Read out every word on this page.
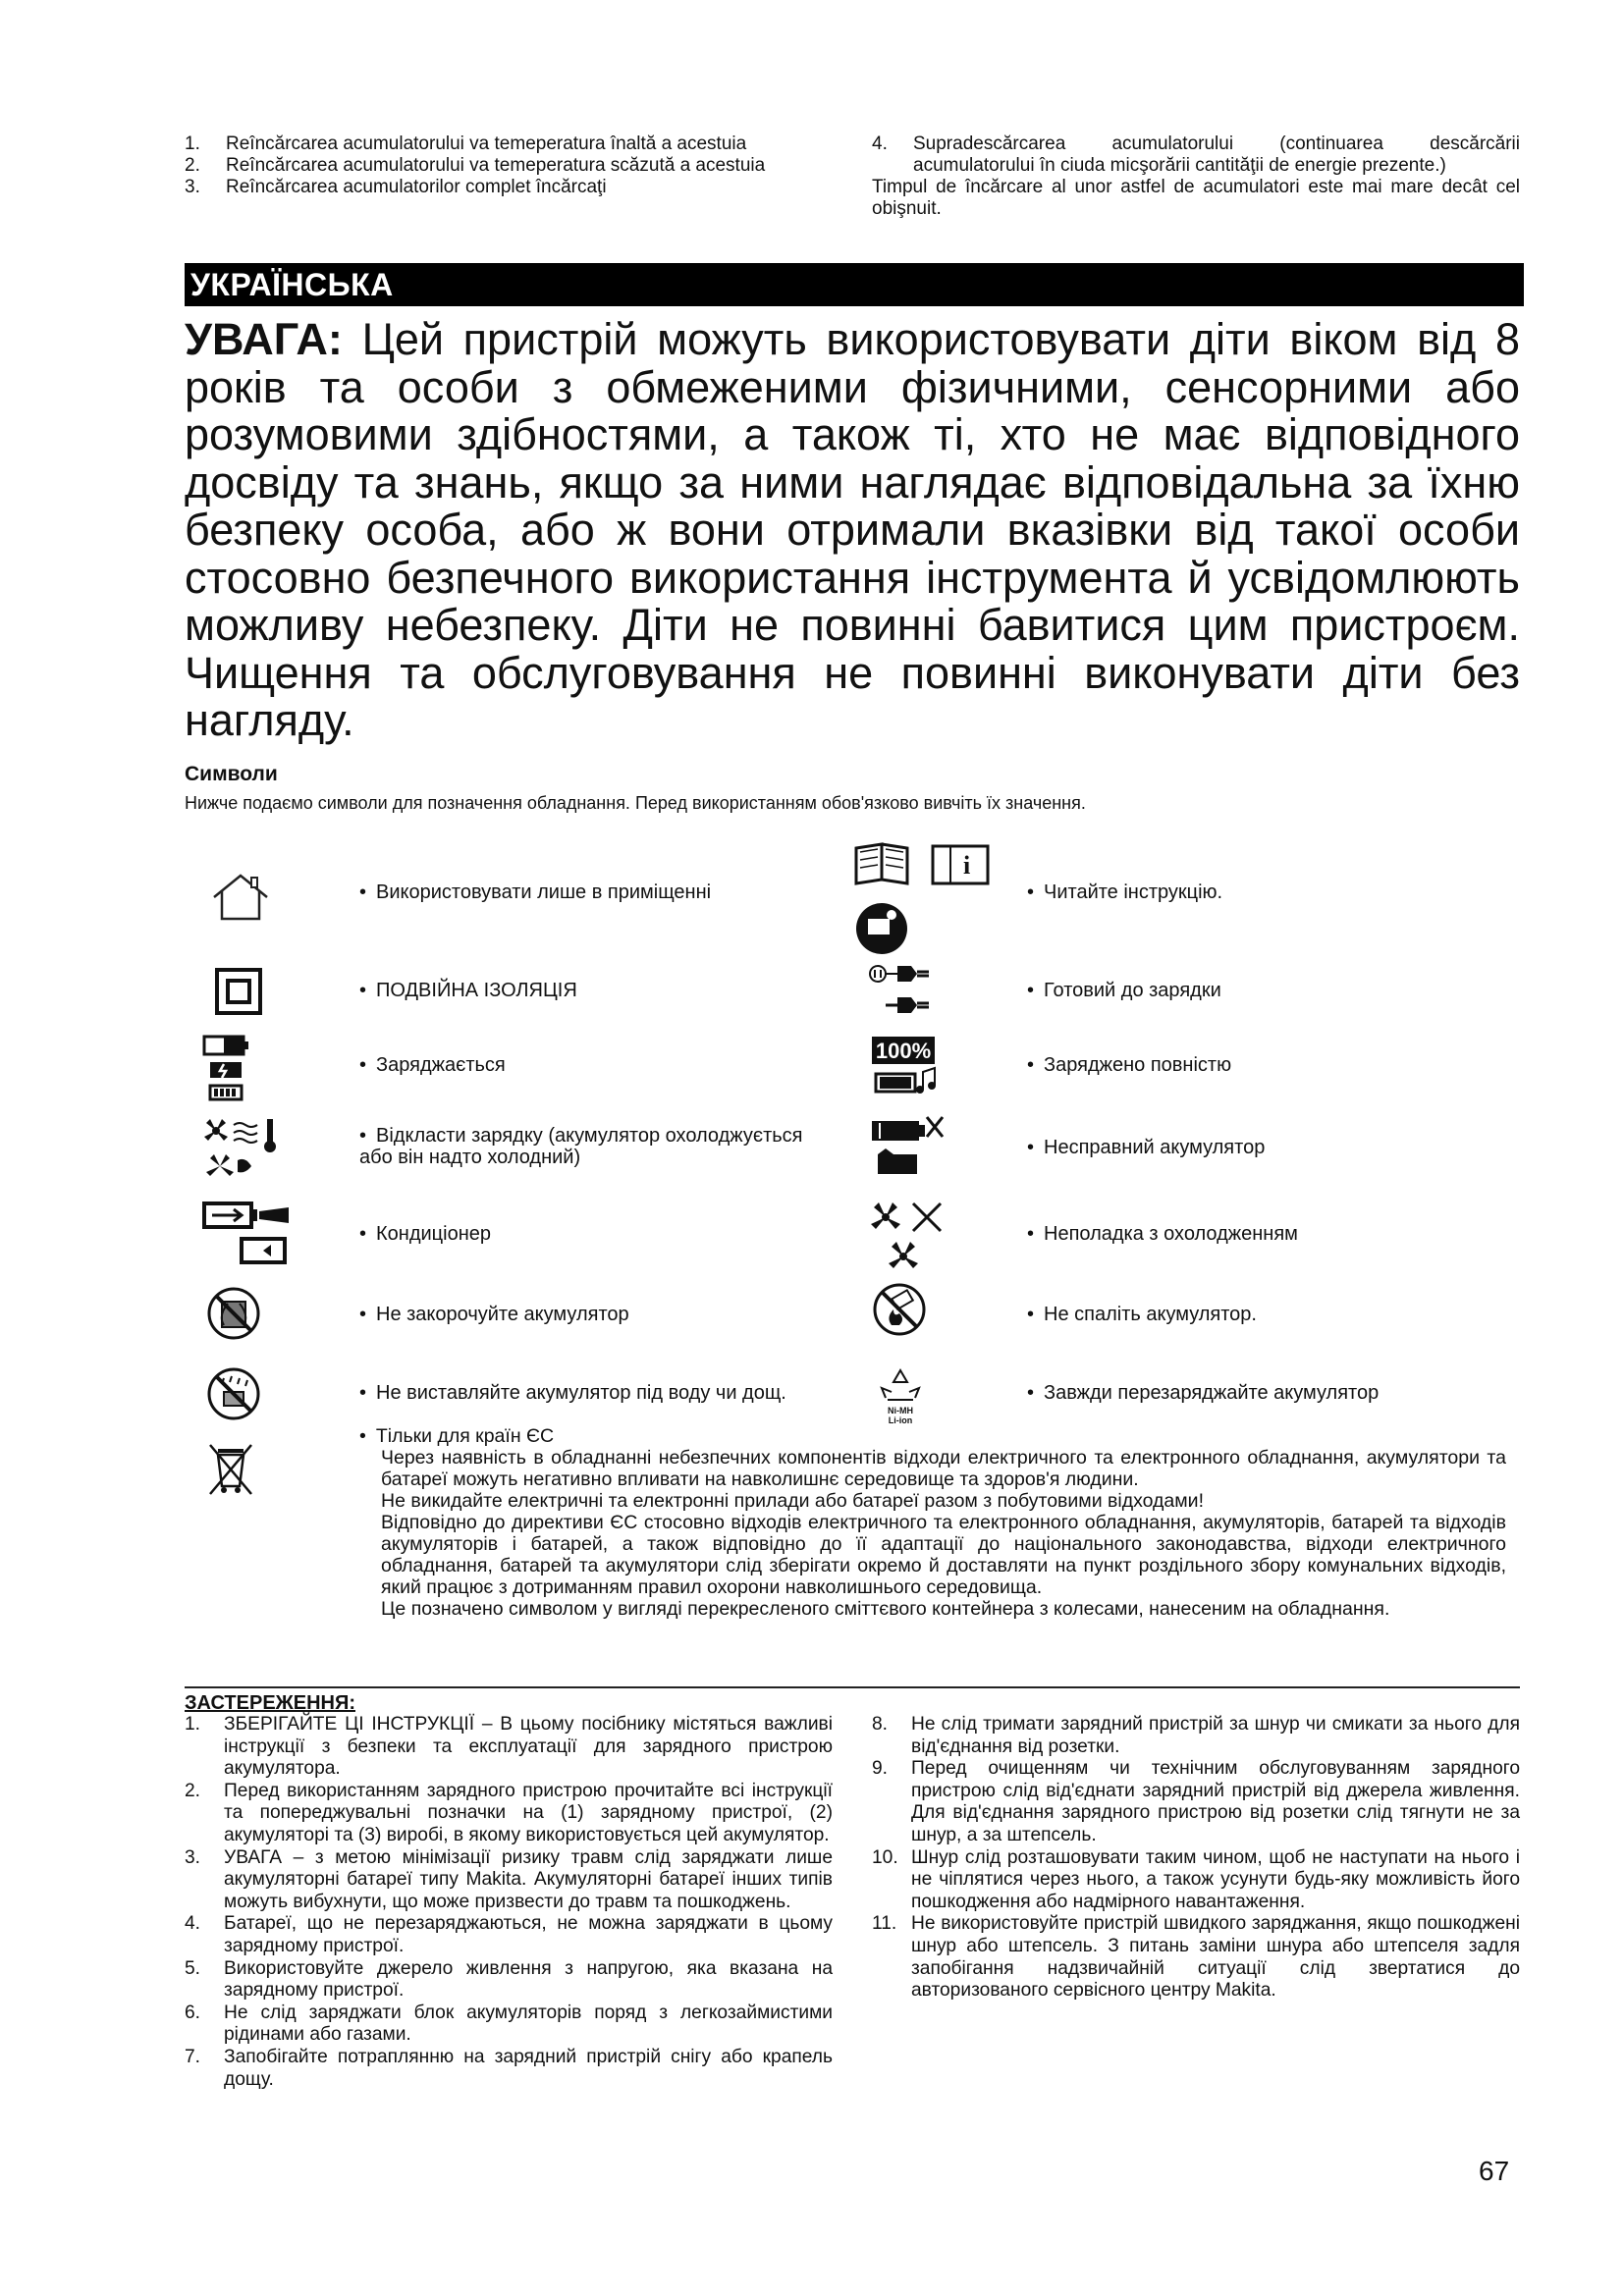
1. Reîncărcarea acumulatorului va temeperatura înaltă a acestuia
2. Reîncărcarea acumulatorului va temeperatura scăzută a acestuia
3. Reîncărcarea acumulatorilor complet încărcaţi
4. Supradescărcarea acumulatorului (continuarea descărcării acumulatorului în ciuda micşorării cantităţii de energie prezente.)
Timpul de încărcare al unor astfel de acumulatori este mai mare decât cel obişnuit.
УКРАЇНСЬКА
УВАГА: Цей пристрій можуть використовувати діти віком від 8 років та особи з обмеженими фізичними, сенсорними або розумовими здібностями, а також ті, хто не має відповідного досвіду та знань, якщо за ними наглядає відповідальна за їхню безпеку особа, або ж вони отримали вказівки від такої особи стосовно безпечного використання інструмента й усвідомлюють можливу небезпеку. Діти не повинні бавитися цим пристроєм. Чищення та обслуговування не повинні виконувати діти без нагляду.
Символи
Нижче подаємо символи для позначення обладнання. Перед використанням обов'язково вивчіть їх значення.
• Використовувати лише в приміщенні
• ПОДВІЙНА ІЗОЛЯЦІЯ
• Заряджається
• Відкласти зарядку (акумулятор охолоджується або він надто холодний)
• Кондиціонер
• Не закорочуйте акумулятор
• Не виставляйте акумулятор під воду чи дощ.
i
100%
Ni-MH
Li-ion
• Читайте інструкцію.
• Готовий до зарядки
• Заряджено повністю
• Несправний акумулятор
• Неполадка з охолодженням
• Не спаліть акумулятор.
• Завжди перезаряджайте акумулятор

• Тільки для країн ЄС

Через наявність в обладнанні небезпечних компонентів відходи електричного та електронного обладнання, акумулятори та батареї можуть негативно впливати на навколишнє середовище та здоров'я людини.

Не викидайте електричні та електронні прилади або батареї разом з побутовими відходами!

Відповідно до директиви ЄС стосовно відходів електричного та електронного обладнання, акумуляторів, батарей та відходів акумуляторів і батарей, а також відповідно до її адаптації до національного законодавства, відходи електричного обладнання, батарей та акумулятори слід зберігати окремо й доставляти на пункт роздільного збору комунальних відходів, який працює з дотриманням правил охорони навколишнього середовища.

Це позначено символом у вигляді перекресленого сміттєвого контейнера з колесами, нанесеним на обладнання.

ЗАСТЕРЕЖЕННЯ:
1. ЗБЕРІГАЙТЕ ЦІ ІНСТРУКЦІЇ – В цьому посібнику містяться важливі інструкції з безпеки та експлуатації для зарядного пристрою акумулятора.
2. Перед використанням зарядного пристрою прочитайте всі інструкції та попереджувальні позначки на (1) зарядному пристрої, (2) акумуляторі та (3) виробі, в якому використовується цей акумулятор.
3. УВАГА – з метою мінімізації ризику травм слід заряджати лише акумуляторні батареї типу Makita. Акумуляторні батареї інших типів можуть вибухнути, що може призвести до травм та пошкоджень.
4. Батареї, що не перезаряджаються, не можна заряджати в цьому зарядному пристрої.
5. Використовуйте джерело живлення з напругою, яка вказана на зарядному пристрої.
6. Не слід заряджати блок акумуляторів поряд з легкозаймистими рідинами або газами.
7. Запобігайте потраплянню на зарядний пристрій снігу або крапель дощу.
8. Не слід тримати зарядний пристрій за шнур чи смикати за нього для від'єднання від розетки.
9. Перед очищенням чи технічним обслуговуванням зарядного пристрою слід від'єднати зарядний пристрій від джерела живлення. Для від'єднання зарядного пристрою від розетки слід тягнути не за шнур, а за штепсель.
10. Шнур слід розташовувати таким чином, щоб не наступати на нього і не чіплятися через нього, а також усунути будь-яку можливість його пошкодження або надмірного навантаження.
11. Не використовуйте пристрій швидкого заряджання, якщо пошкоджені шнур або штепсель. З питань заміни шнура або штепселя задля запобігання надзвичайній ситуації слід звертатися до авторизованого сервісного центру Makita.
67
